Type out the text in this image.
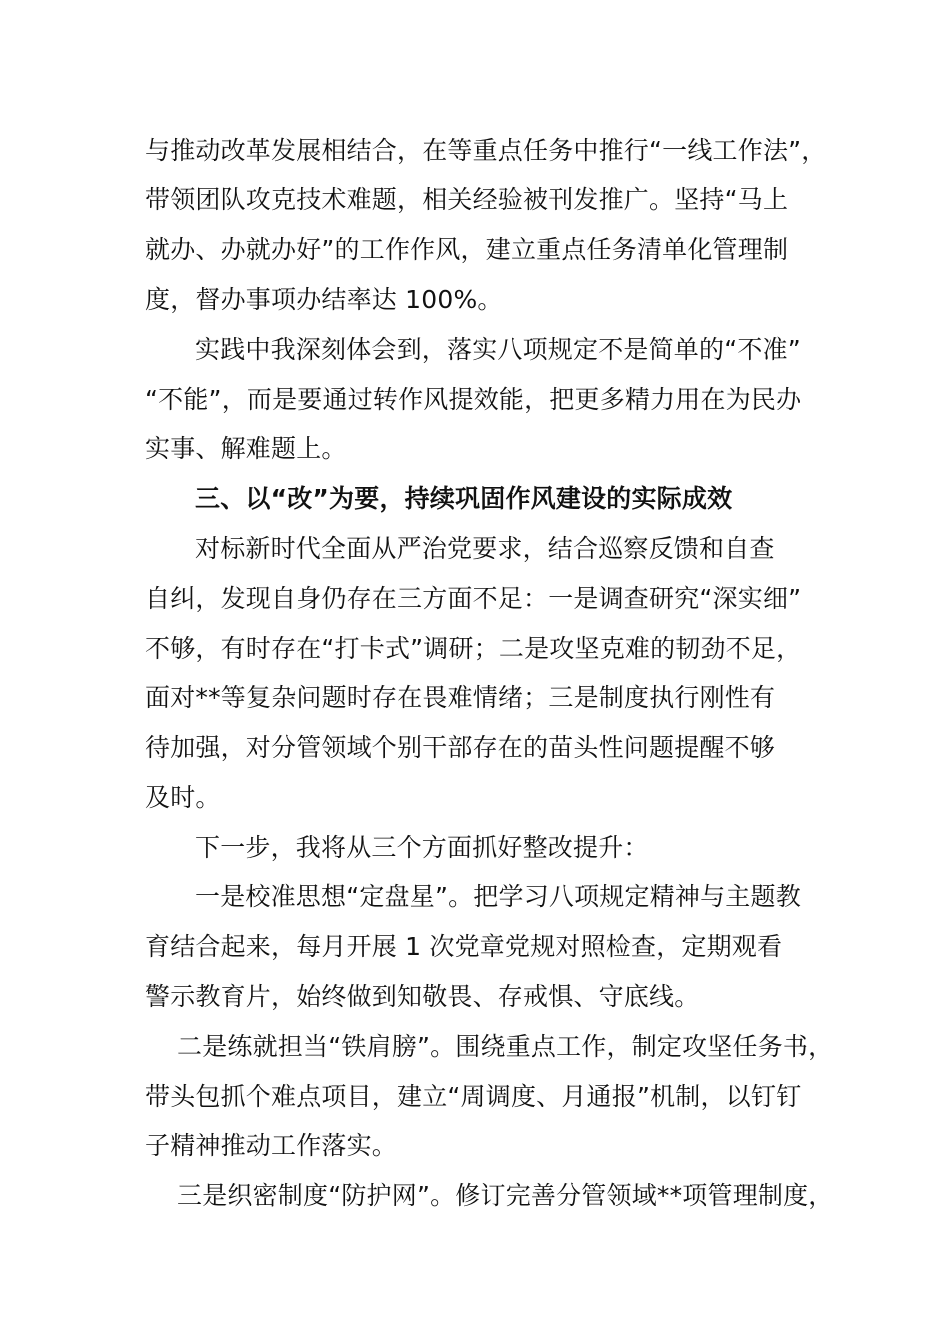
与推动改革发展相结合，在等重点任务中推行“一线工作法”，
带领团队攻克技术难题，相关经验被刊发推广。坚持“马上
就办、办就办好”的工作作风，建立重点任务清单化管理制
度，督办事项办结率达 100%。
实践中我深刻体会到，落实八项规定不是简单的“不准”
“不能”，而是要通过转作风提效能，把更多精力用在为民办
实事、解难题上。
三、以“改”为要，持续巩固作风建设的实际成效
对标新时代全面从严治党要求，结合巡察反馈和自查
自纠，发现自身仍存在三方面不足：一是调查研究“深实细”
不够，有时存在“打卡式”调研；二是攻坚克难的韧劲不足，
面对**等复杂问题时存在畏难情绪；三是制度执行刚性有
待加强，对分管领域个别干部存在的苗头性问题提醒不够
及时。
下一步，我将从三个方面抓好整改提升：
一是校准思想“定盘星”。把学习八项规定精神与主题教
育结合起来，每月开展 1 次党章党规对照检查，定期观看
警示教育片，始终做到知敬畏、存戒惧、守底线。
二是练就担当“铁肩膀”。围绕重点工作，制定攻坚任务书，
带头包抓个难点项目，建立“周调度、月通报”机制，以钉钉
子精神推动工作落实。
三是织密制度“防护网”。修订完善分管领域**项管理制度，
